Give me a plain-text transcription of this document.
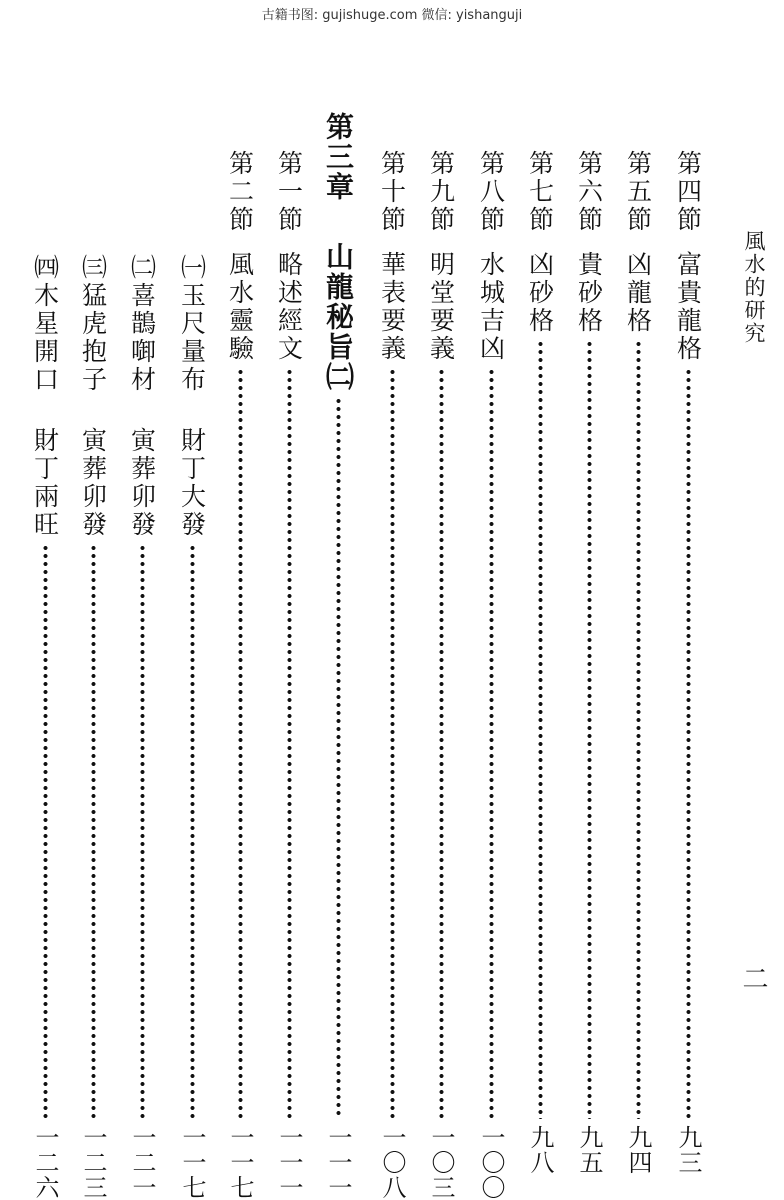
古籍书图: gujishuge.com 微信: yishanguji
風水的研究
二
第四節
富貴龍格
九三
第五節
凶龍格
九四
第六節
貴砂格
九五
第七節
凶砂格
九八
第八節
水城吉凶
一〇〇
第九節
明堂要義
一〇三
第十節
華表要義
一〇八
第三章
山龍秘旨㈡
一一一
第一節
略述經文
一一一
第二節
風水靈驗
一一七
㈠玉尺量布
財丁大發
一一七
㈡喜鵲啣材
寅葬卯發
一二一
㈢猛虎抱子
寅葬卯發
一二三
㈣木星開口
財丁兩旺
一二六
